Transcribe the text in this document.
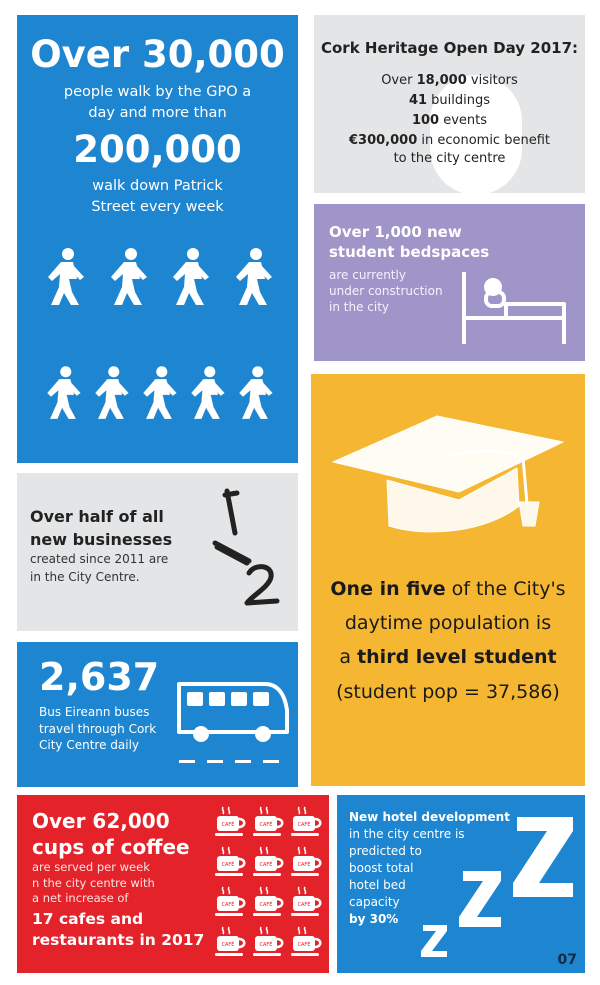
Over 30,000
people walk by the GPO a
day and more than
200,000
walk down Patrick
Street every week
Cork Heritage Open Day 2017:
Over 18,000 visitors
41 buildings
100 events
€300,000 in economic benefit
to the city centre
Over 1,000 new
student bedspaces
are currently
under construction
in the city
Over half of all
new businesses
created since 2011 are
in the City Centre.
One in five of the City's
daytime population is
a third level student
(student pop = 37,586)
2,637
Bus Eireann buses
travel through Cork
City Centre daily
Over 62,000
cups of coffee
are served per week
n the city centre with
a net increase of
17 cafes and
restaurants in 2017
CAFÉ	CAFÉ	CAFÉ
CAFÉ	CAFÉ	CAFÉ
CAFÉ	CAFÉ	CAFÉ
CAFÉ	CAFÉ	CAFÉ
New hotel development
in the city centre is
predicted to
boost total
hotel bed
capacity
by 30%
07
